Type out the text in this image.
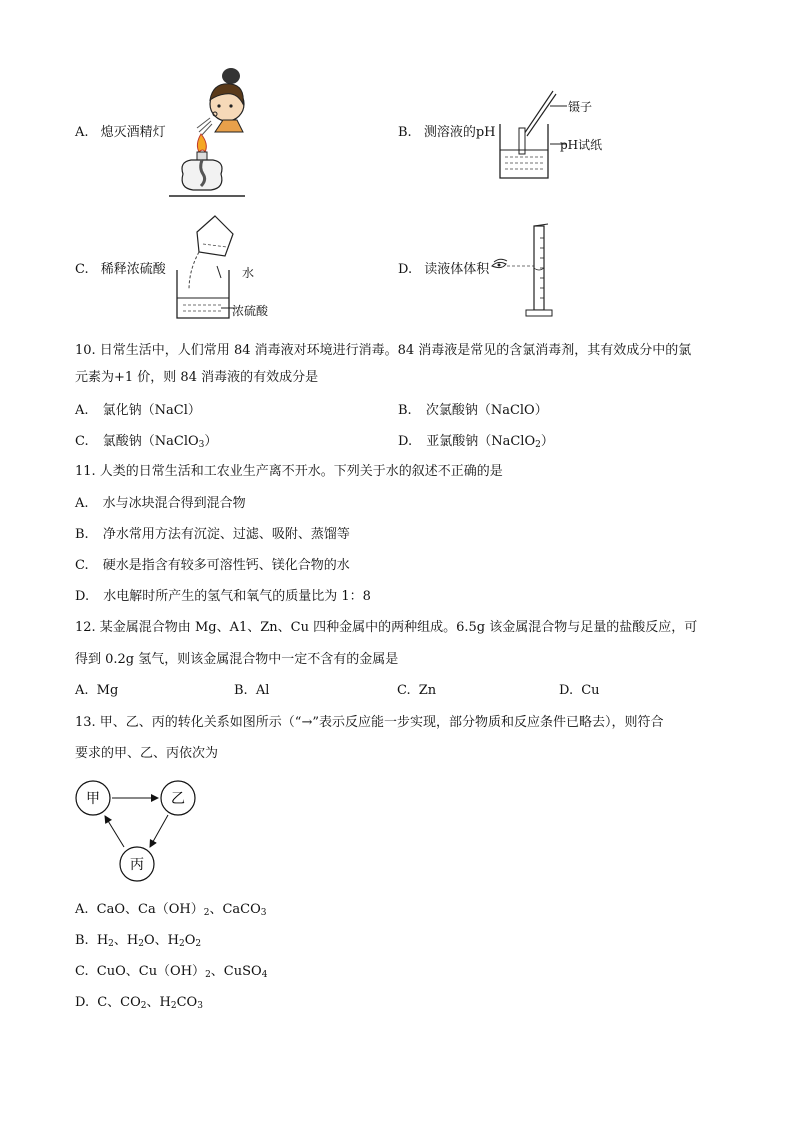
A. 熄灭酒精灯	B. 测溶液的pH
镊子
pH试纸
C. 稀释浓硫酸	水
浓硫酸
D. 读液体体积
10. 日常生活中，人们常用 84 消毒液对环境进行消毒。84 消毒液是常见的含氯消毒剂，其有效成分中的氯
元素为+1 价，则 84 消毒液的有效成分是
A. 氯化钠（NaCl）	B. 次氯酸钠（NaClO）
C. 氯酸钠（NaClO$_3$）	D. 亚氯酸钠（NaClO$_2$）
11. 人类的日常生活和工农业生产离不开水。下列关于水的叙述不正确的是
A. 水与冰块混合得到混合物
B. 净水常用方法有沉淀、过滤、吸附、蒸馏等
C. 硬水是指含有较多可溶性钙、镁化合物的水
D. 水电解时所产生的氢气和氧气的质量比为 1：8
12. 某金属混合物由 Mg、A1、Zn、Cu 四种金属中的两种组成。6.5g 该金属混合物与足量的盐酸反应，可
得到 0.2g 氢气，则该金属混合物中一定不含有的金属是
A. Mg	B. Al	C. Zn	D. Cu
13. 甲、乙、丙的转化关系如图所示（“→”表示反应能一步实现，部分物质和反应条件已略去），则符合
要求的甲、乙、丙依次为
甲	乙
丙
A. CaO、$Ca(OH)_2$、CaCO$_3$
B. $H_2$、$H_2O$、$H_2O_2$
C. CuO、$Cu(OH)_2$、CuSO$_4$
D. C、$CO_2$、$H_2CO_3$
